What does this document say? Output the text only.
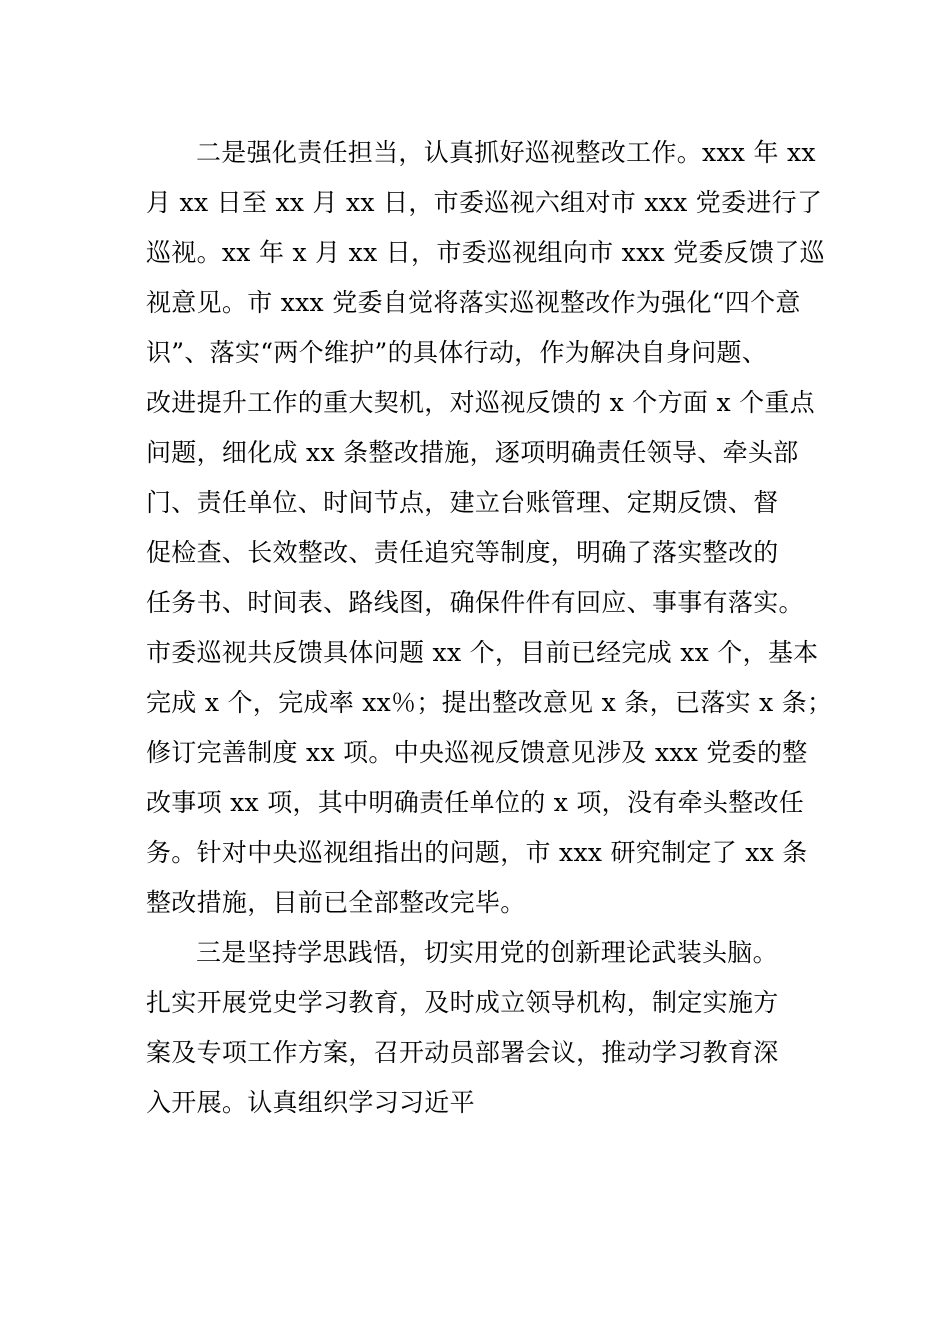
二是强化责任担当，认真抓好巡视整改工作。xxx 年 xx

月 xx 日至 xx 月 xx 日，市委巡视六组对市 xxx 党委进行了

巡视。xx 年 x 月 xx 日，市委巡视组向市 xxx 党委反馈了巡

视意见。市 xxx 党委自觉将落实巡视整改作为强化“四个意

识”、落实“两个维护”的具体行动，作为解决自身问题、

改进提升工作的重大契机，对巡视反馈的 x 个方面 x 个重点

问题，细化成 xx 条整改措施，逐项明确责任领导、牵头部

门、责任单位、时间节点，建立台账管理、定期反馈、督

促检查、长效整改、责任追究等制度，明确了落实整改的

任务书、时间表、路线图，确保件件有回应、事事有落实。

市委巡视共反馈具体问题 xx 个，目前已经完成 xx 个，基本

完成 x 个，完成率 xx％；提出整改意见 x 条，已落实 x 条；

修订完善制度 xx 项。中央巡视反馈意见涉及 xxx 党委的整

改事项 xx 项，其中明确责任单位的 x 项，没有牵头整改任

务。针对中央巡视组指出的问题，市 xxx 研究制定了 xx 条

整改措施，目前已全部整改完毕。

三是坚持学思践悟，切实用党的创新理论武装头脑。

扎实开展党史学习教育，及时成立领导机构，制定实施方

案及专项工作方案，召开动员部署会议，推动学习教育深

入开展。认真组织学习习近平
